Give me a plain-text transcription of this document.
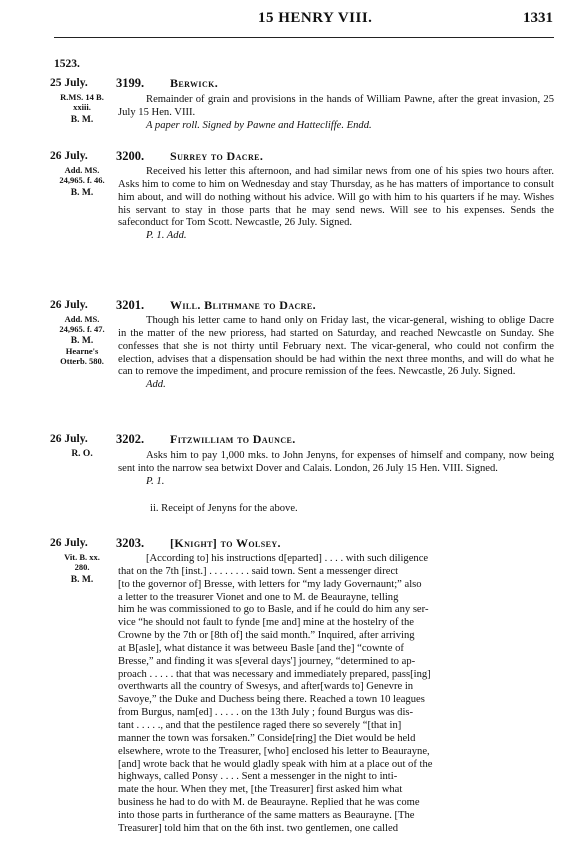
15 HENRY VIII.	1331
1523.
25 July.
R.MS. 14 B.
xxiii.
B. M.
3199. Berwick.

Remainder of grain and provisions in the hands of William Pawne, after the great invasion, 25 July 15 Hen. VIII.

A paper roll. Signed by Pawne and Hattecliffe. Endd.

26 July.
Add. MS.
24,965. f. 46.
B. M.
3200. Surrey to Dacre.

Received his letter this afternoon, and had similar news from one of his spies two hours after. Asks him to come to him on Wednesday and stay Thursday, as he has matters of importance to consult him about, and will do nothing without his advice. Will go with him to his quarters if he may. Wishes his servant to stay in those parts that he may send news. Will see to his expenses. Sends the safeconduct for Tom Scott. Newcastle, 26 July. Signed.

P. 1. Add.

26 July.
Add. MS.
24,965. f. 47.
B. M.
Hearne's
Otterb. 580.
3201. Will. Blithmane to Dacre.

Though his letter came to hand only on Friday last, the vicar-general, wishing to oblige Dacre in the matter of the new prioress, had started on Saturday, and reached Newcastle on Sunday. She confesses that she is not thirty until February next. The vicar-general, who could not confirm the election, advises that a dispensation should be had within the next three months, and will do what he can to remove the impediment, and procure remission of the fees. Newcastle, 26 July. Signed.

Add.

26 July.
R. O.
3202. Fitzwilliam to Daunce.

Asks him to pay 1,000 mks. to John Jenyns, for expenses of himself and company, now being sent into the narrow sea betwixt Dover and Calais. London, 26 July 15 Hen. VIII. Signed.

P. 1.

ii. Receipt of Jenyns for the above.
26 July.
Vit. B. xx.
280.
B. M.
3203. [Knight] to Wolsey.
[According to] his instructions d[eparted] . . . . with such diligence
that on the 7th [inst.] . . . . . . . . said town. Sent a messenger direct
[to the governor of] Bresse, with letters for “my lady Governaunt;” also
a letter to the treasurer Vionet and one to M. de Beaurayne, telling
him he was commissioned to go to Basle, and if he could do him any ser-
vice “he should not fault to fynde [me and] mine at the hostelry of the
Crowne by the 7th or [8th of] the said month.” Inquired, after arriving
at B[asle], what distance it was betweeu Basle [and the] “cownte of
Bresse,” and finding it was s[everal days'] journey, “determined to ap-
proach . . . . . that that was necessary and immediately prepared, pass[ing]
overthwarts all the country of Swesys, and after[wards to] Genevre in
Savoye,” the Duke and Duchess being there. Reached a town 10 leagues
from Burgus, nam[ed] . . . . . on the 13th July ; found Burgus was dis-
tant . . . . ., and that the pestilence raged there so severely “[that in]
manner the town was forsaken.” Conside[ring] the Diet would be held
elsewhere, wrote to the Treasurer, [who] enclosed his letter to Beaurayne,
[and] wrote back that he would gladly speak with him at a place out of the
highways, called Ponsy . . . . Sent a messenger in the night to inti-
mate the hour. When they met, [the Treasurer] first asked him what
business he had to do with M. de Beaurayne. Replied that he was come
into those parts in furtherance of the same matters as Beaurayne. [The
Treasurer] told him that on the 6th inst. two gentlemen, one called
